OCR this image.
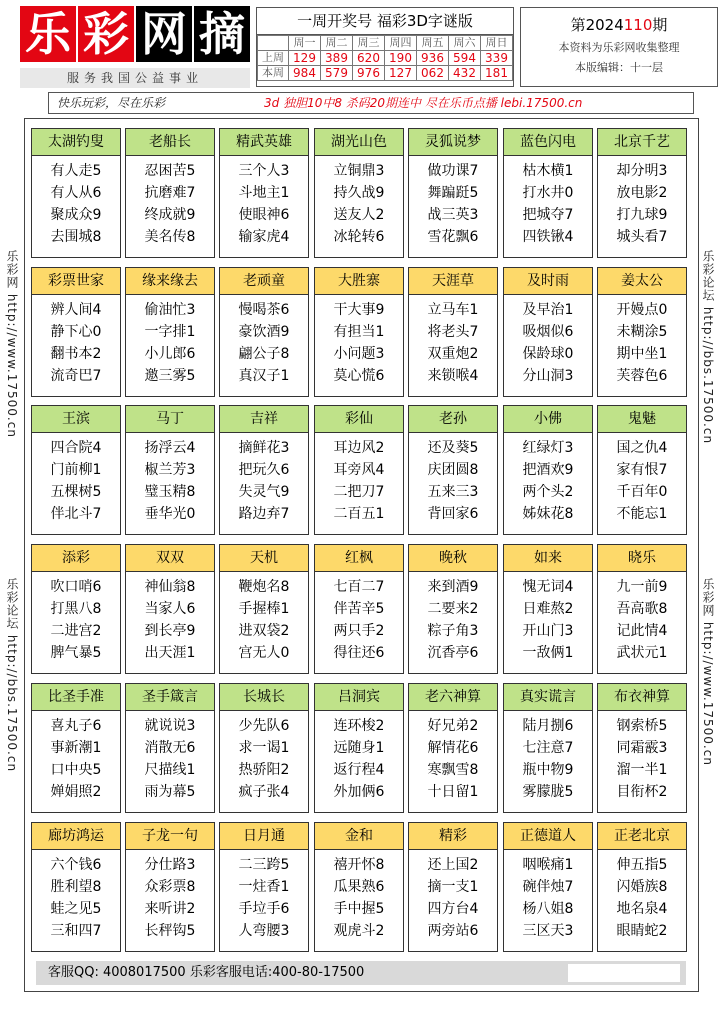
乐 彩 网 摘
服务我国公益事业
一周开奖号 福彩3D字谜版
	周一	周二	周三	周四	周五	周六	周日
上周	129	389	620	190	936	594	339
本周	984	579	976	127	062	432	181
第2024110期
本资料为乐彩网收集整理
本版编辑：十一层
快乐玩彩，尽在乐彩	3d 独胆10中8 杀码20期连中 尽在乐币点播 lebi.17500.cn
乐彩网 http://www.17500.cn
乐彩论坛 http://bbs.17500.cn
乐彩论坛 http://bbs.17500.cn
乐彩网 http://www.17500.cn
太湖钓叟
有人走5
有人从6
聚成众9
去围城8
老船长
忍困苦5
抗磨难7
终成就9
美名传8
精武英雄
三个人3
斗地主1
使眼神6
输家虎4
湖光山色
立铜鼎3
持久战9
送友人2
冰轮转6
灵狐说梦
做功课7
舞蹁跹5
战三英3
雪花飘6
蓝色闪电
枯木横1
打水井0
把城夺7
四铁锹4
北京千艺
却分明3
放电影2
打九球9
城头看7
彩票世家
辨人间4
静下心0
翻书本2
流奇巴7
缘来缘去
偷油忙3
一字排1
小儿郎6
邀三雾5
老顽童
慢喝茶6
豪饮酒9
翩公子8
真汉子1
大胜寨
干大事9
有担当1
小问题3
莫心慌6
天涯草
立马车1
将老头7
双重炮2
来锁喉4
及时雨
及早治1
吸烟似6
保龄球0
分山洞3
姜太公
开嫚点0
未糊涂5
期中坐1
芙蓉色6
王滨
四合院4
门前柳1
五棵树5
伴北斗7
马丁
扬浮云4
椒兰芳3
璧玉精8
垂华光0
吉祥
摘鲜花3
把玩久6
失灵气9
路边弃7
彩仙
耳边风2
耳旁风4
二把刀7
二百五1
老孙
还及葵5
庆团圆8
五来三3
背回家6
小佛
红绿灯3
把酒欢9
两个头2
姊妹花8
鬼魅
国之仇4
家有恨7
千百年0
不能忘1
添彩
吹口哨6
打黑八8
二进宫2
脾气暴5
双双
神仙翁8
当家人6
到长亭9
出天涯1
天机
鞭炮名8
手握棒1
进双袋2
宫无人0
红枫
七百二7
伴苦辛5
两只手2
得往还6
晚秋
来到酒9
二要来2
粽子角3
沉香亭6
如来
愧无词4
日难熬2
开山门3
一敌俩1
晓乐
九一前9
吾高歌8
记此情4
武状元1
比圣手准
喜丸子6
事新潮1
口中央5
婵娟照2
圣手箴言
就说说3
消散无6
尺描线1
雨为幕5
长城长
少先队6
求一谒1
热骄阳2
疯子张4
吕洞宾
连环梭2
远随身1
返行程4
外加俩6
老六神算
好兄弟2
解情花6
寒飘雪8
十日留1
真实谎言
陆月捌6
七注意7
瓶中物9
雾朦胧5
布衣神算
钢索桥5
同霜霰3
溜一半1
目衔杯2
廊坊鸿运
六个钱6
胜利望8
蛙之见5
三和四7
子龙一句
分仕路3
众彩票8
来听讲2
长秤钩5
日月通
二三跨5
一炷香1
手垃手6
人弯腰3
金和
禧开怀8
瓜果熟6
手中握5
观虎斗2
精彩
还上国2
摘一支1
四方台4
两旁站6
正德道人
咽喉痛1
碗伴烛7
杨八姐8
三区天3
正老北京
伸五指5
闪婚族8
地名泉4
眼睛蛇2
客服QQ: 4008017500 乐彩客服电话:400-80-17500
